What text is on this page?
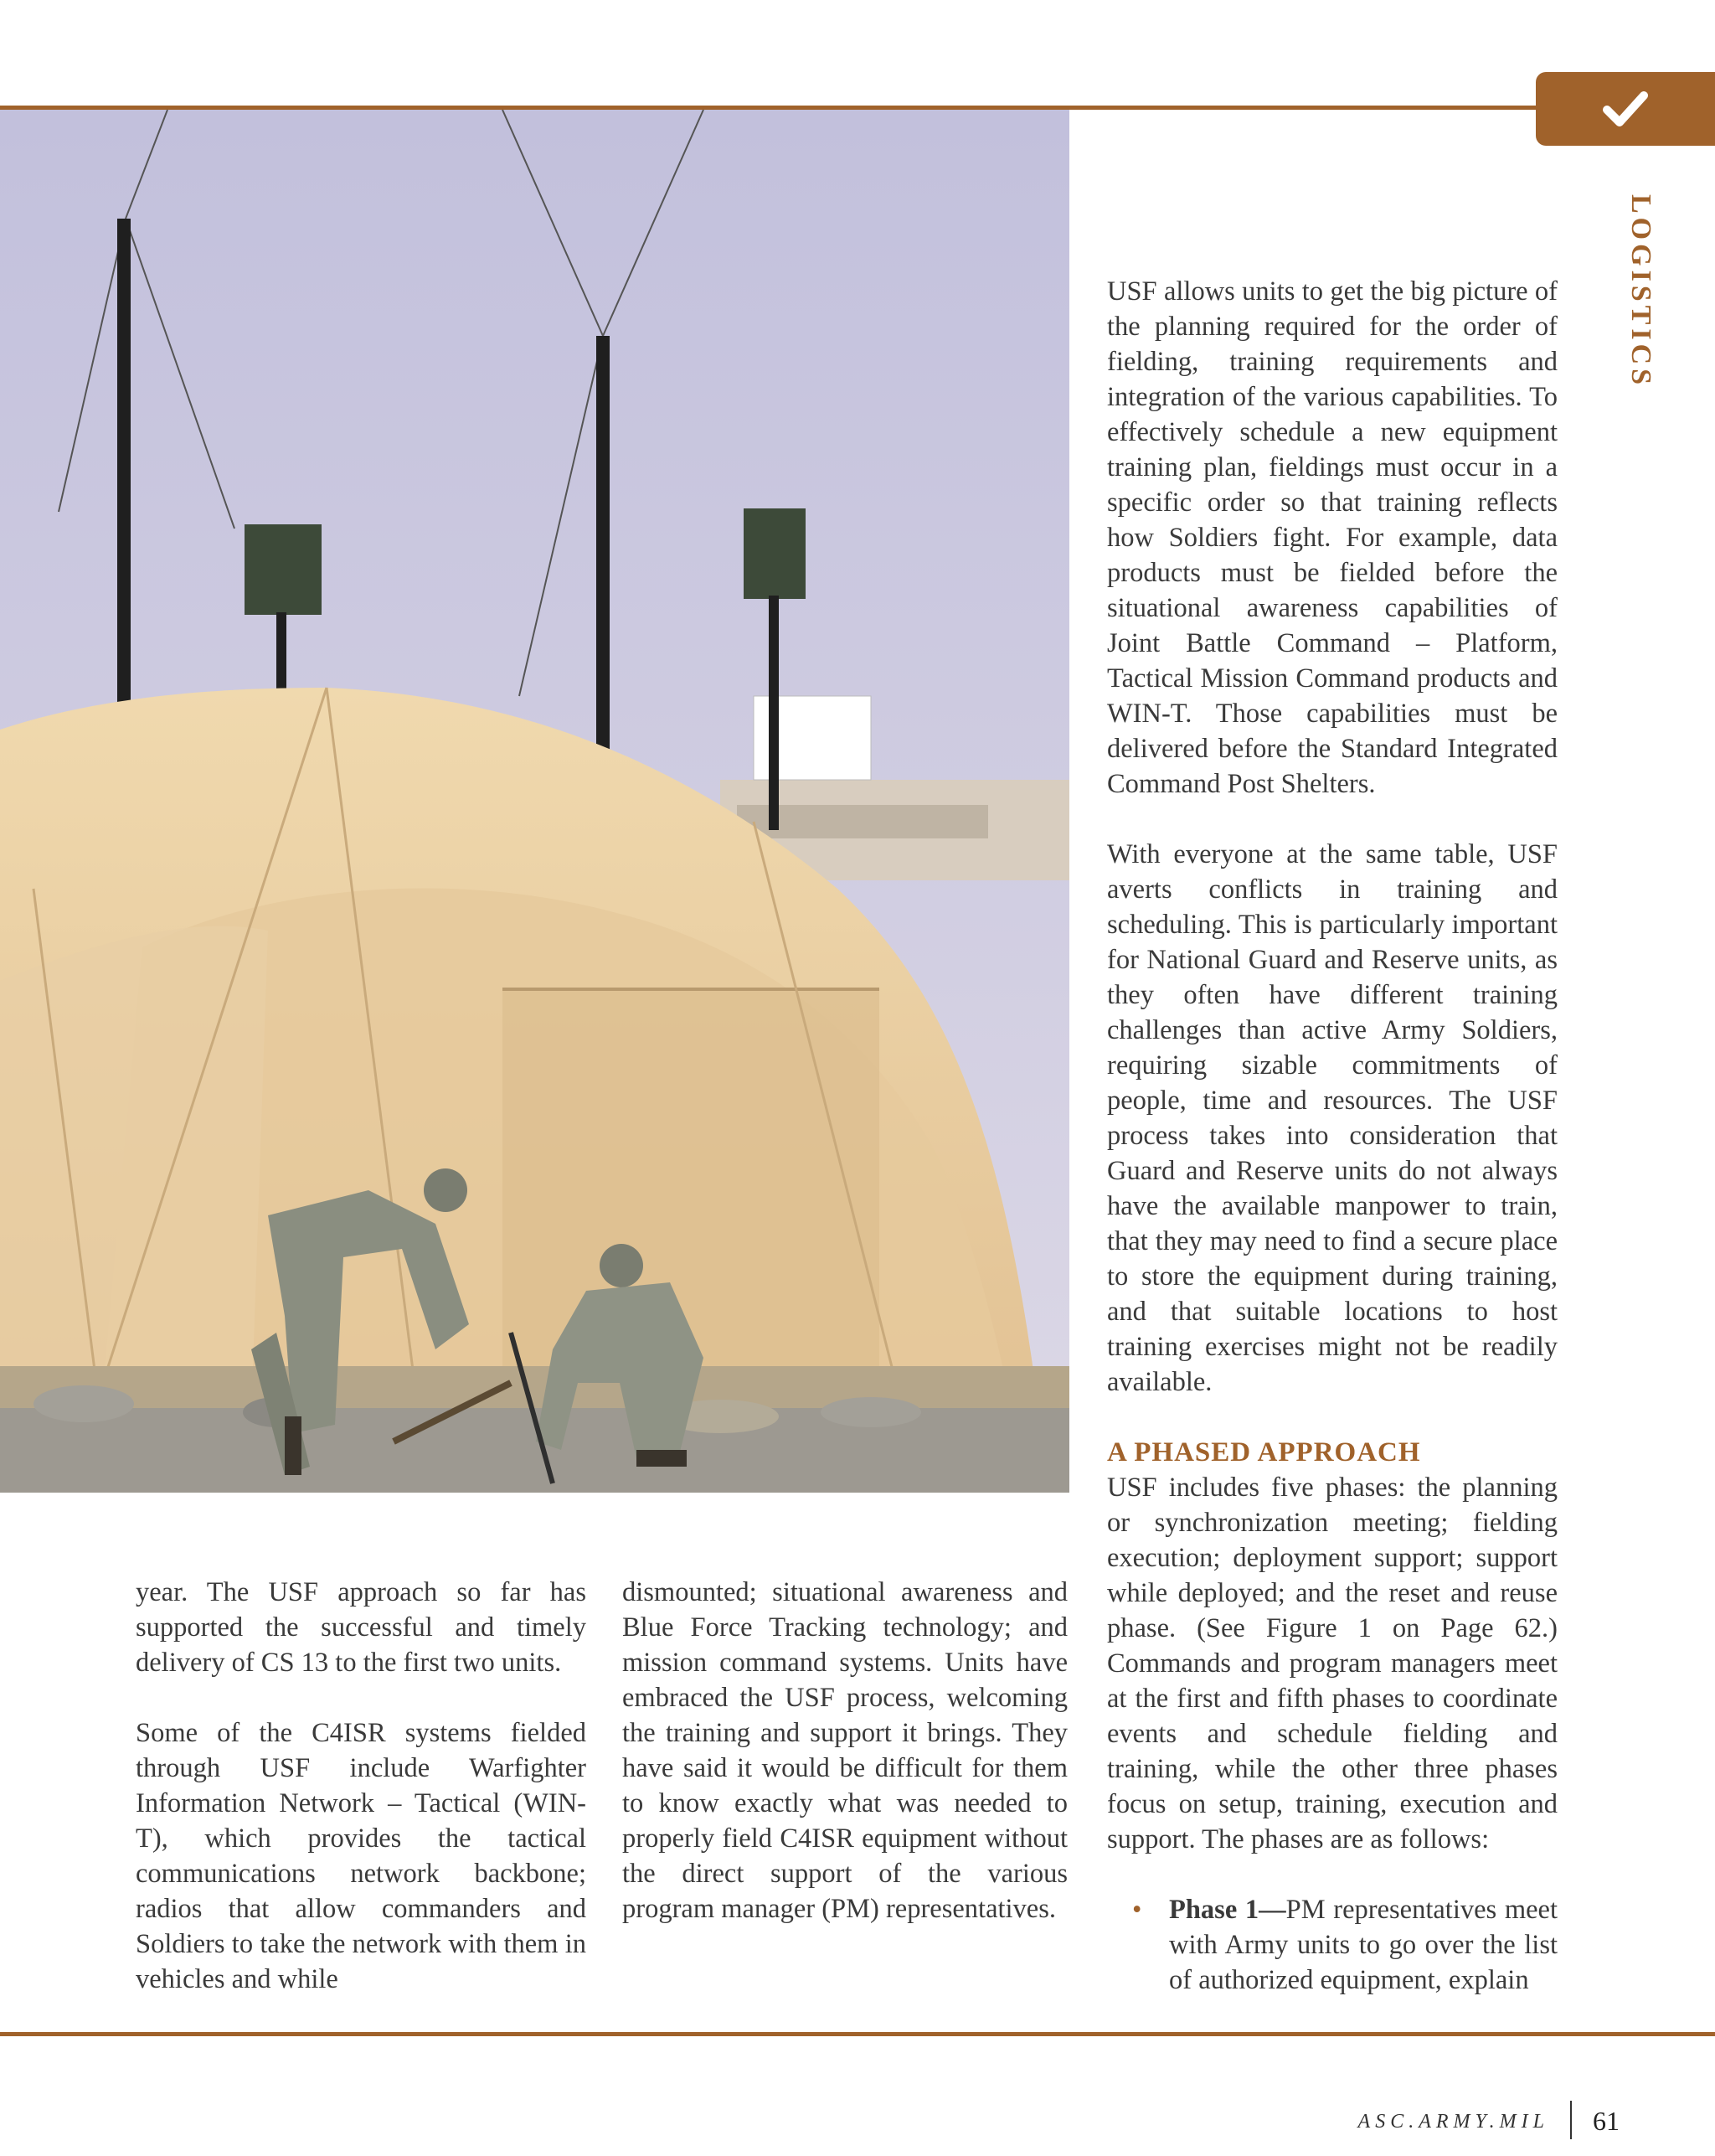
LOGISTICS

USF allows units to get the big picture of the planning required for the order of fielding, training requirements and integration of the various capabilities. To effectively schedule a new equipment training plan, fieldings must occur in a specific order so that training reflects how Soldiers fight. For example, data products must be fielded before the situational awareness capabilities of Joint Battle Command – Platform, Tactical Mission Command products and WIN-T. Those capabilities must be delivered before the Standard Integrated Command Post Shelters.

With everyone at the same table, USF averts conflicts in training and scheduling. This is particularly important for National Guard and Reserve units, as they often have different training challenges than active Army Soldiers, requiring sizable commitments of people, time and resources. The USF process takes into consideration that Guard and Reserve units do not always have the available manpower to train, that they may need to find a secure place to store the equipment during training, and that suitable locations to host training exercises might not be readily available.

A PHASED APPROACH

USF includes five phases: the planning or synchronization meeting; fielding execution; deployment support; support while deployed; and the reset and reuse phase. (See Figure 1 on Page 62.) Commands and program managers meet at the first and fifth phases to coordinate events and schedule fielding and training, while the other three phases focus on setup, training, execution and support. The phases are as follows:

• Phase 1—PM representatives meet with Army units to go over the list of authorized equipment, explain

year. The USF approach so far has supported the successful and timely delivery of CS 13 to the first two units.

Some of the C4ISR systems fielded through USF include Warfighter Information Network – Tactical (WIN-T), which provides the tactical communications network backbone; radios that allow commanders and Soldiers to take the network with them in vehicles and while

dismounted; situational awareness and Blue Force Tracking technology; and mission command systems. Units have embraced the USF process, welcoming the training and support it brings. They have said it would be difficult for them to know exactly what was needed to properly field C4ISR equipment without the direct support of the various program manager (PM) representatives.

ASC.ARMY.MIL 61
